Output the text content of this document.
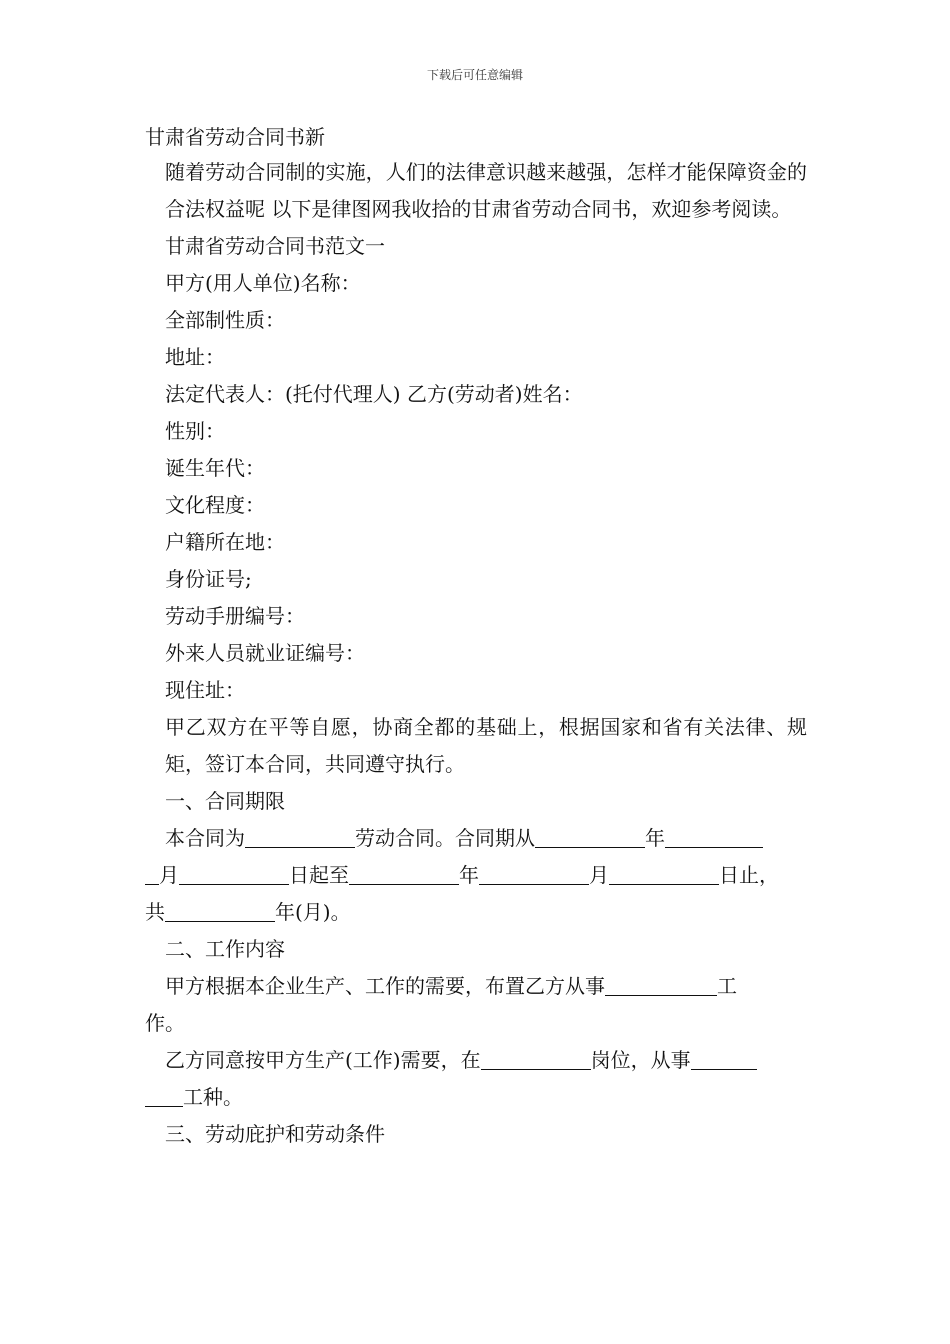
下载后可任意编辑

甘肃省劳动合同书新

随着劳动合同制的实施，人们的法律意识越来越强，怎样才能保障资金的合法权益呢 以下是律图网我收拾的甘肃省劳动合同书，欢迎参考阅读。

甘肃省劳动合同书范文一

甲方(用人单位)名称：

全部制性质：

地址：

法定代表人：(托付代理人) 乙方(劳动者)姓名：

性别：

诞生年代：

文化程度：

户籍所在地：

身份证号;

劳动手册编号：

外来人员就业证编号：

现住址：

甲乙双方在平等自愿，协商全都的基础上，根据国家和省有关法律、规矩，签订本合同，共同遵守执行。

一、合同期限

本合同为	劳动合同。合同期从	年

月	日起至	年	月	日止，

共	年(月)。

二、工作内容

甲方根据本企业生产、工作的需要，布置乙方从事	工

作。

乙方同意按甲方生产(工作)需要，在	岗位，从事

工种。

三、劳动庇护和劳动条件
